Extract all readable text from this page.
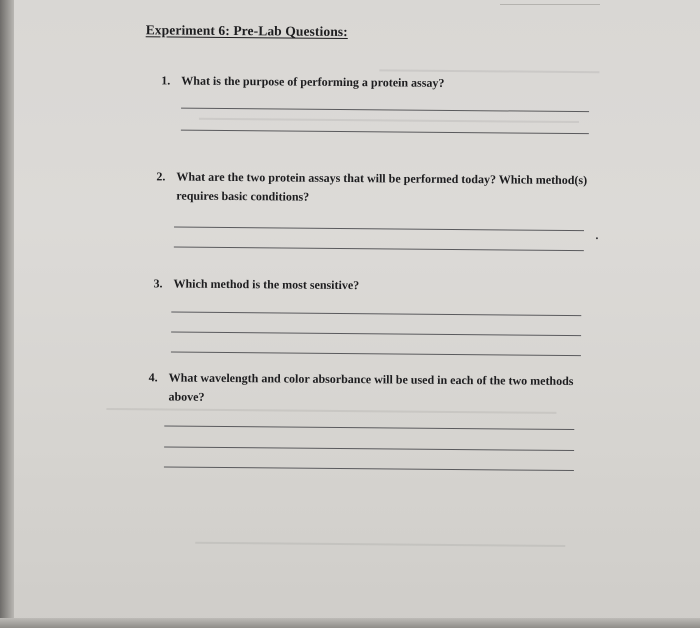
Experiment 6: Pre-Lab Questions:
1. What is the purpose of performing a protein assay?
2. What are the two protein assays that will be performed today? Which method(s)
requires basic conditions?
3. Which method is the most sensitive?
4. What wavelength and color absorbance will be used in each of the two methods
above?
